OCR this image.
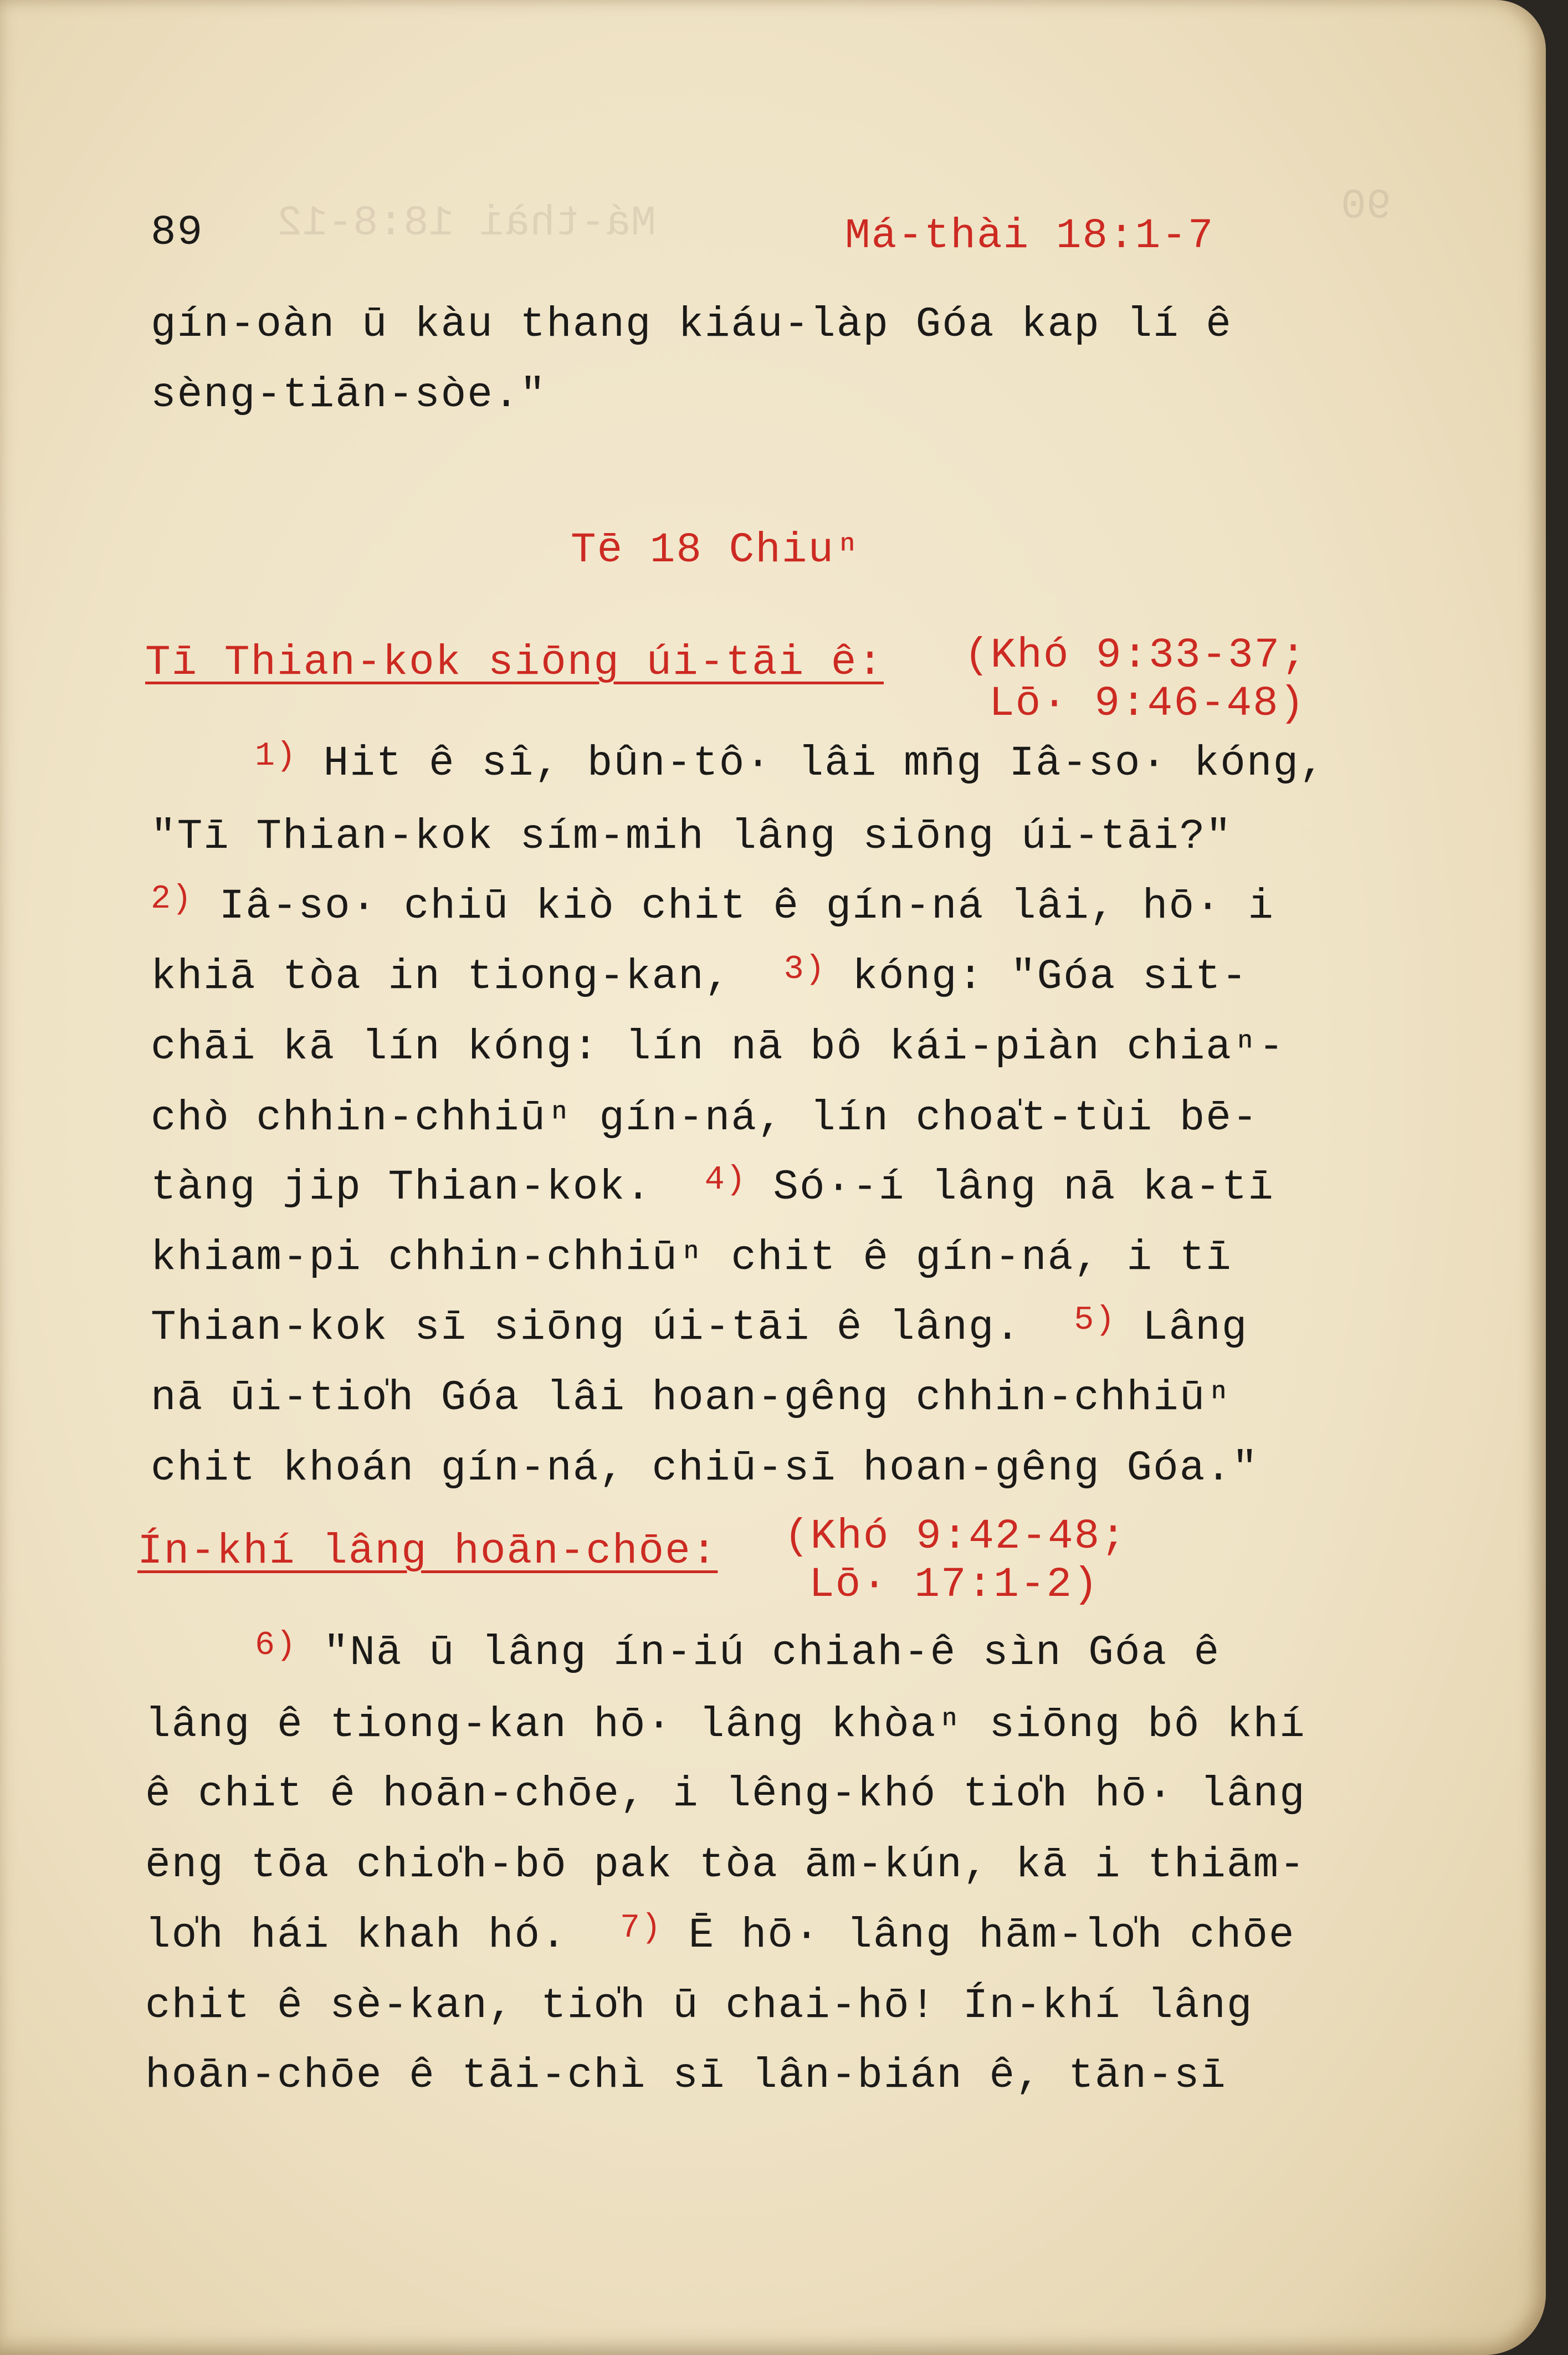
90
Má-thài 18:8-12
89	Má-thài 18:1-7
gín-oàn ū kàu thang kiáu-làp Góa kap lí ê
sèng-tiān-sòe."
Tē 18 Chiuⁿ
Tī Thian-kok siōng úi-tāi ê: (Khó 9:33-37;
Lō· 9:46-48)
$^{1)}$ Hit ê sî, bûn-tô· lâi mn̄g Iâ-so· kóng,
"Tī Thian-kok sím-mih lâng siōng úi-tāi?"
$^{2)}$ Iâ-so· chiū kiò chit ê gín-ná lâi, hō· i
khiā tòa in tiong-kan, $^{3)}$ kóng: "Góa sit-
chāi kā lín kóng: lín nā bô kái-piàn chiaⁿ-
chò chhin-chhiūⁿ gín-ná, lín choa̍t-tùi bē-
tàng jip Thian-kok. $^{4)}$ Só·-í lâng nā ka-tī
khiam-pi chhin-chhiūⁿ chit ê gín-ná, i tī
Thian-kok sī siōng úi-tāi ê lâng. $^{5)}$ Lâng
nā ūi-tio̍h Góa lâi hoan-gêng chhin-chhiūⁿ
chit khoán gín-ná, chiū-sī hoan-gêng Góa."
Ín-khí lâng hoān-chōe: (Khó 9:42-48;
Lō· 17:1-2)
$^{6)}$ "Nā ū lâng ín-iú chiah-ê sìn Góa ê
lâng ê tiong-kan hō· lâng khòaⁿ siōng bô khí
ê chit ê hoān-chōe, i lêng-khó tio̍h hō· lâng
ēng tōa chio̍h-bō pak tòa ām-kún, kā i thiām-
lo̍h hái khah hó. $^{7)}$ Ē hō· lâng hām-lo̍h chōe
chit ê sè-kan, tio̍h ū chai-hō! Ín-khí lâng
hoān-chōe ê tāi-chì sī lân-bián ê, tān-sī
